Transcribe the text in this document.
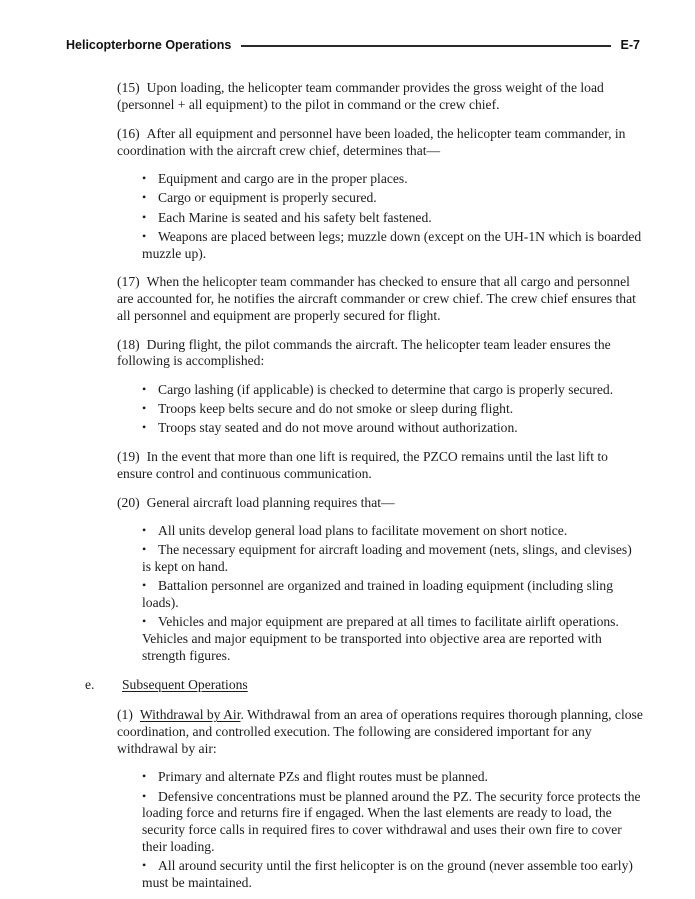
Helicopterborne Operations	E-7

(15) Upon loading, the helicopter team commander provides the gross weight of the load (personnel + all equipment) to the pilot in command or the crew chief.

(16) After all equipment and personnel have been loaded, the helicopter team commander, in coordination with the aircraft crew chief, determines that—

• Equipment and cargo are in the proper places.
• Cargo or equipment is properly secured.
• Each Marine is seated and his safety belt fastened.
• Weapons are placed between legs; muzzle down (except on the UH-1N which is boarded muzzle up).

(17) When the helicopter team commander has checked to ensure that all cargo and personnel are accounted for, he notifies the aircraft commander or crew chief. The crew chief ensures that all personnel and equipment are properly secured for flight.

(18) During flight, the pilot commands the aircraft. The helicopter team leader ensures the following is accomplished:

• Cargo lashing (if applicable) is checked to determine that cargo is properly secured.
• Troops keep belts secure and do not smoke or sleep during flight.
• Troops stay seated and do not move around without authorization.

(19) In the event that more than one lift is required, the PZCO remains until the last lift to ensure control and continuous communication.

(20) General aircraft load planning requires that—

• All units develop general load plans to facilitate movement on short notice.
• The necessary equipment for aircraft loading and movement (nets, slings, and clevises) is kept on hand.
• Battalion personnel are organized and trained in loading equipment (including sling loads).
• Vehicles and major equipment are prepared at all times to facilitate airlift operations. Vehicles and major equipment to be transported into objective area are reported with strength figures.

e. Subsequent Operations

(1) Withdrawal by Air. Withdrawal from an area of operations requires thorough planning, close coordination, and controlled execution. The following are considered important for any withdrawal by air:

• Primary and alternate PZs and flight routes must be planned.
• Defensive concentrations must be planned around the PZ. The security force protects the loading force and returns fire if engaged. When the last elements are ready to load, the security force calls in required fires to cover withdrawal and uses their own fire to cover their loading.
• All around security until the first helicopter is on the ground (never assemble too early) must be maintained.
